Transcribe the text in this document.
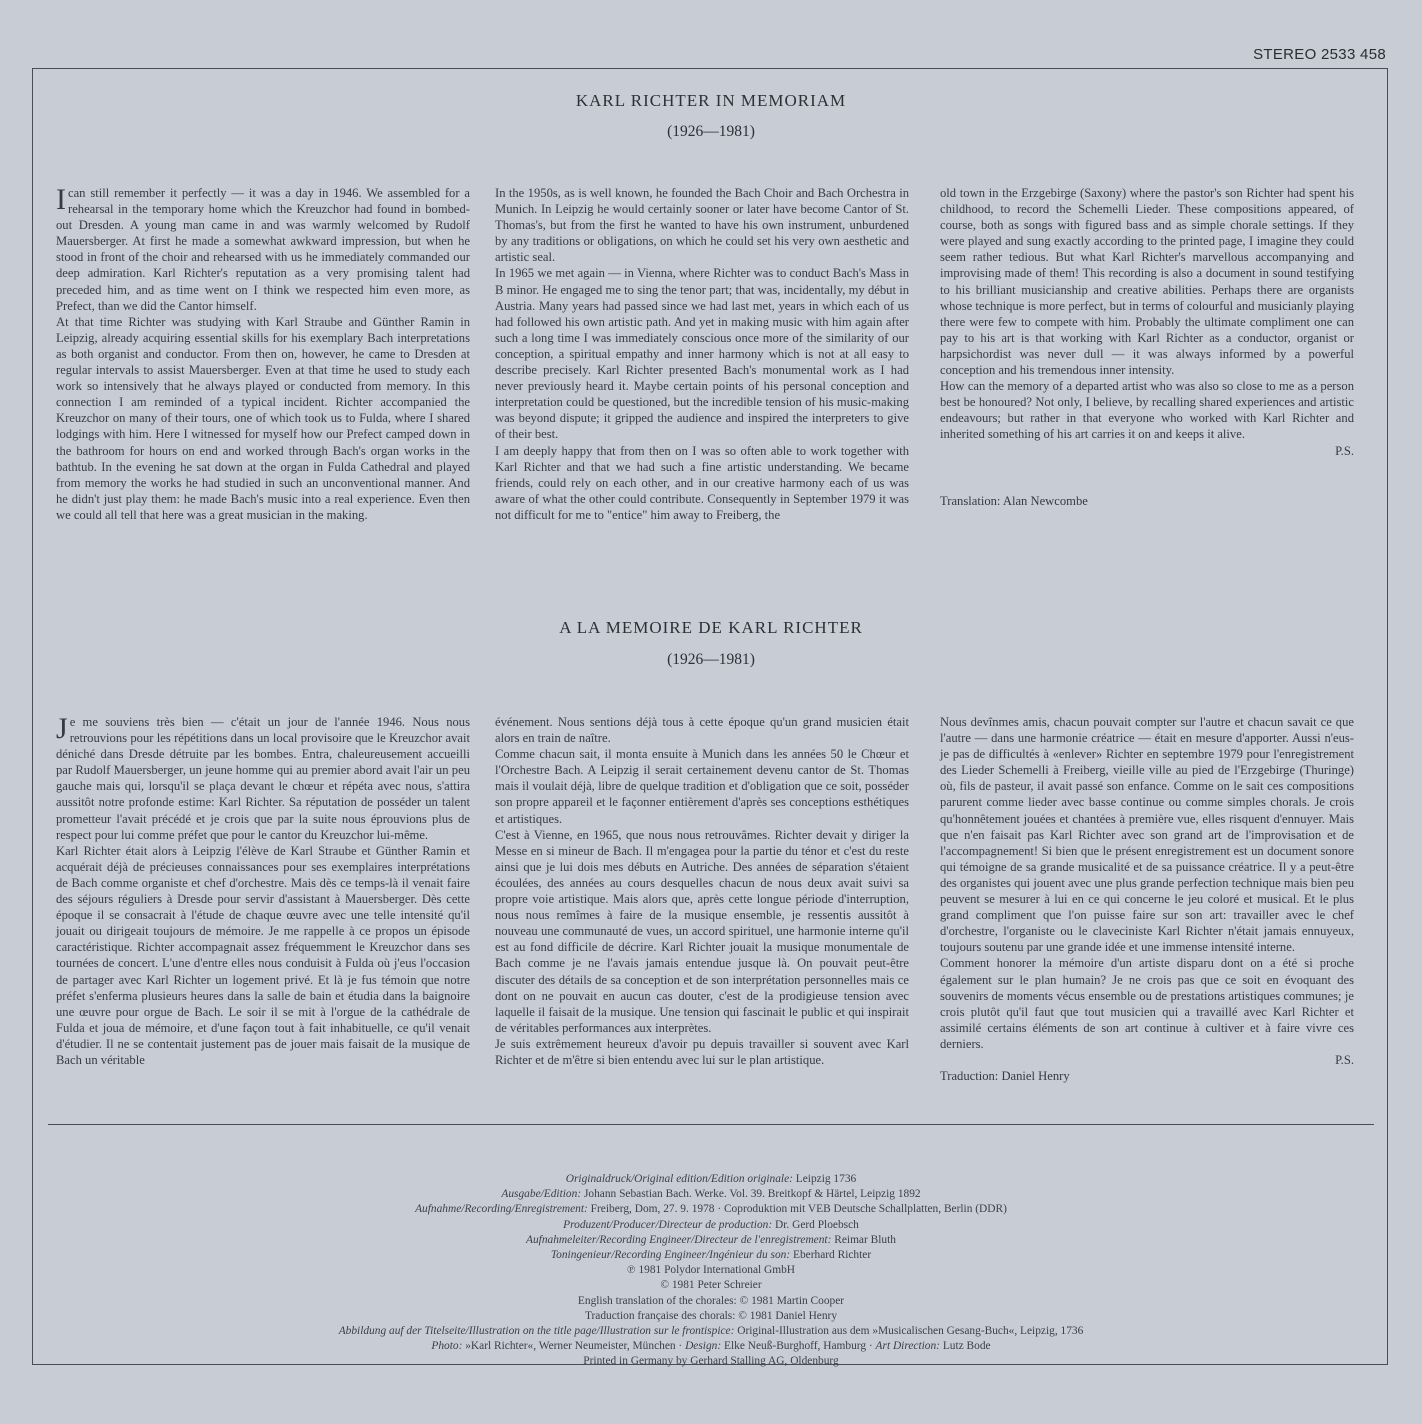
STEREO 2533 458
KARL RICHTER IN MEMORIAM
(1926—1981)

Ican still remember it perfectly — it was a day in 1946. We assembled for a rehearsal in the temporary home which the Kreuzchor had found in bombed-out Dresden. A young man came in and was warmly welcomed by Rudolf Mauersberger. At first he made a somewhat awkward impression, but when he stood in front of the choir and rehearsed with us he immediately commanded our deep admiration. Karl Richter's reputation as a very promising talent had preceded him, and as time went on I think we respected him even more, as Prefect, than we did the Cantor himself.

At that time Richter was studying with Karl Straube and Günther Ramin in Leipzig, already acquiring essential skills for his exemplary Bach interpretations as both organist and conductor. From then on, however, he came to Dresden at regular intervals to assist Mauersberger. Even at that time he used to study each work so intensively that he always played or conducted from memory. In this connection I am reminded of a typical incident. Richter accompanied the Kreuzchor on many of their tours, one of which took us to Fulda, where I shared lodgings with him. Here I witnessed for myself how our Prefect camped down in the bathroom for hours on end and worked through Bach's organ works in the bathtub. In the evening he sat down at the organ in Fulda Cathedral and played from memory the works he had studied in such an unconventional manner. And he didn't just play them: he made Bach's music into a real experience. Even then we could all tell that here was a great musician in the making.

In the 1950s, as is well known, he founded the Bach Choir and Bach Orchestra in Munich. In Leipzig he would certainly sooner or later have become Cantor of St. Thomas's, but from the first he wanted to have his own instrument, unburdened by any traditions or obligations, on which he could set his very own aesthetic and artistic seal.

In 1965 we met again — in Vienna, where Richter was to conduct Bach's Mass in B minor. He engaged me to sing the tenor part; that was, incidentally, my début in Austria. Many years had passed since we had last met, years in which each of us had followed his own artistic path. And yet in making music with him again after such a long time I was immediately conscious once more of the similarity of our conception, a spiritual empathy and inner harmony which is not at all easy to describe precisely. Karl Richter presented Bach's monumental work as I had never previously heard it. Maybe certain points of his personal conception and interpretation could be questioned, but the incredible tension of his music-making was beyond dispute; it gripped the audience and inspired the interpreters to give of their best.

I am deeply happy that from then on I was so often able to work together with Karl Richter and that we had such a fine artistic understanding. We became friends, could rely on each other, and in our creative harmony each of us was aware of what the other could contribute. Consequently in September 1979 it was not difficult for me to "entice" him away to Freiberg, the

old town in the Erzgebirge (Saxony) where the pastor's son Richter had spent his childhood, to record the Schemelli Lieder. These compositions appeared, of course, both as songs with figured bass and as simple chorale settings. If they were played and sung exactly according to the printed page, I imagine they could seem rather tedious. But what Karl Richter's marvellous accompanying and improvising made of them! This recording is also a document in sound testifying to his brilliant musicianship and creative abilities. Perhaps there are organists whose technique is more perfect, but in terms of colourful and musicianly playing there were few to compete with him. Probably the ultimate compliment one can pay to his art is that working with Karl Richter as a conductor, organist or harpsichordist was never dull — it was always informed by a powerful conception and his tremendous inner intensity.

How can the memory of a departed artist who was also so close to me as a person best be honoured? Not only, I believe, by recalling shared experiences and artistic endeavours; but rather in that everyone who worked with Karl Richter and inherited something of his art carries it on and keeps it alive.

P.S.

Translation: Alan Newcombe

A LA MEMOIRE DE KARL RICHTER
(1926—1981)

Je me souviens très bien — c'était un jour de l'année 1946. Nous nous retrouvions pour les répétitions dans un local provisoire que le Kreuzchor avait déniché dans Dresde détruite par les bombes. Entra, chaleureusement accueilli par Rudolf Mauersberger, un jeune homme qui au premier abord avait l'air un peu gauche mais qui, lorsqu'il se plaça devant le chœur et répéta avec nous, s'attira aussitôt notre profonde estime: Karl Richter. Sa réputation de posséder un talent prometteur l'avait précédé et je crois que par la suite nous éprouvions plus de respect pour lui comme préfet que pour le cantor du Kreuzchor lui-même.

Karl Richter était alors à Leipzig l'élève de Karl Straube et Günther Ramin et acquérait déjà de précieuses connaissances pour ses exemplaires interprétations de Bach comme organiste et chef d'orchestre. Mais dès ce temps-là il venait faire des séjours réguliers à Dresde pour servir d'assistant à Mauersberger. Dès cette époque il se consacrait à l'étude de chaque œuvre avec une telle intensité qu'il jouait ou dirigeait toujours de mémoire. Je me rappelle à ce propos un épisode caractéristique. Richter accompagnait assez fréquemment le Kreuzchor dans ses tournées de concert. L'une d'entre elles nous conduisit à Fulda où j'eus l'occasion de partager avec Karl Richter un logement privé. Et là je fus témoin que notre préfet s'enferma plusieurs heures dans la salle de bain et étudia dans la baignoire une œuvre pour orgue de Bach. Le soir il se mit à l'orgue de la cathédrale de Fulda et joua de mémoire, et d'une façon tout à fait inhabituelle, ce qu'il venait d'étudier. Il ne se contentait justement pas de jouer mais faisait de la musique de Bach un véritable

événement. Nous sentions déjà tous à cette époque qu'un grand musicien était alors en train de naître.

Comme chacun sait, il monta ensuite à Munich dans les années 50 le Chœur et l'Orchestre Bach. A Leipzig il serait certainement devenu cantor de St. Thomas mais il voulait déjà, libre de quelque tradition et d'obligation que ce soit, posséder son propre appareil et le façonner entièrement d'après ses conceptions esthétiques et artistiques.

C'est à Vienne, en 1965, que nous nous retrouvâmes. Richter devait y diriger la Messe en si mineur de Bach. Il m'engagea pour la partie du ténor et c'est du reste ainsi que je lui dois mes débuts en Autriche. Des années de séparation s'étaient écoulées, des années au cours desquelles chacun de nous deux avait suivi sa propre voie artistique. Mais alors que, après cette longue période d'interruption, nous nous remîmes à faire de la musique ensemble, je ressentis aussitôt à nouveau une communauté de vues, un accord spirituel, une harmonie interne qu'il est au fond difficile de décrire. Karl Richter jouait la musique monumentale de Bach comme je ne l'avais jamais entendue jusque là. On pouvait peut-être discuter des détails de sa conception et de son interprétation personnelles mais ce dont on ne pouvait en aucun cas douter, c'est de la prodigieuse tension avec laquelle il faisait de la musique. Une tension qui fascinait le public et qui inspirait de véritables performances aux interprètes.

Je suis extrêmement heureux d'avoir pu depuis travailler si souvent avec Karl Richter et de m'être si bien entendu avec lui sur le plan artistique.

Nous devînmes amis, chacun pouvait compter sur l'autre et chacun savait ce que l'autre — dans une harmonie créatrice — était en mesure d'apporter. Aussi n'eus-je pas de difficultés à «enlever» Richter en septembre 1979 pour l'enregistrement des Lieder Schemelli à Freiberg, vieille ville au pied de l'Erzgebirge (Thuringe) où, fils de pasteur, il avait passé son enfance. Comme on le sait ces compositions parurent comme lieder avec basse continue ou comme simples chorals. Je crois qu'honnêtement jouées et chantées à première vue, elles risquent d'ennuyer. Mais que n'en faisait pas Karl Richter avec son grand art de l'improvisation et de l'accompagnement! Si bien que le présent enregistrement est un document sonore qui témoigne de sa grande musicalité et de sa puissance créatrice. Il y a peut-être des organistes qui jouent avec une plus grande perfection technique mais bien peu peuvent se mesurer à lui en ce qui concerne le jeu coloré et musical. Et le plus grand compliment que l'on puisse faire sur son art: travailler avec le chef d'orchestre, l'organiste ou le claveciniste Karl Richter n'était jamais ennuyeux, toujours soutenu par une grande idée et une immense intensité interne.

Comment honorer la mémoire d'un artiste disparu dont on a été si proche également sur le plan humain? Je ne crois pas que ce soit en évoquant des souvenirs de moments vécus ensemble ou de prestations artistiques communes; je crois plutôt qu'il faut que tout musicien qui a travaillé avec Karl Richter et assimilé certains éléments de son art continue à cultiver et à faire vivre ces derniers.

P.S.

Traduction: Daniel Henry

Originaldruck/Original edition/Edition originale: Leipzig 1736
Ausgabe/Edition: Johann Sebastian Bach. Werke. Vol. 39. Breitkopf & Härtel, Leipzig 1892
Aufnahme/Recording/Enregistrement: Freiberg, Dom, 27. 9. 1978 · Coproduktion mit VEB Deutsche Schallplatten, Berlin (DDR)
Produzent/Producer/Directeur de production: Dr. Gerd Ploebsch
Aufnahmeleiter/Recording Engineer/Directeur de l'enregistrement: Reimar Bluth
Toningenieur/Recording Engineer/Ingénieur du son: Eberhard Richter
℗ 1981 Polydor International GmbH
© 1981 Peter Schreier
English translation of the chorales: © 1981 Martin Cooper
Traduction française des chorals: © 1981 Daniel Henry
Abbildung auf der Titelseite/Illustration on the title page/Illustration sur le frontispice: Original-Illustration aus dem »Musicalischen Gesang-Buch«, Leipzig, 1736
Photo: »Karl Richter«, Werner Neumeister, München · Design: Elke Neuß-Burghoff, Hamburg · Art Direction: Lutz Bode
Printed in Germany by Gerhard Stalling AG, Oldenburg
